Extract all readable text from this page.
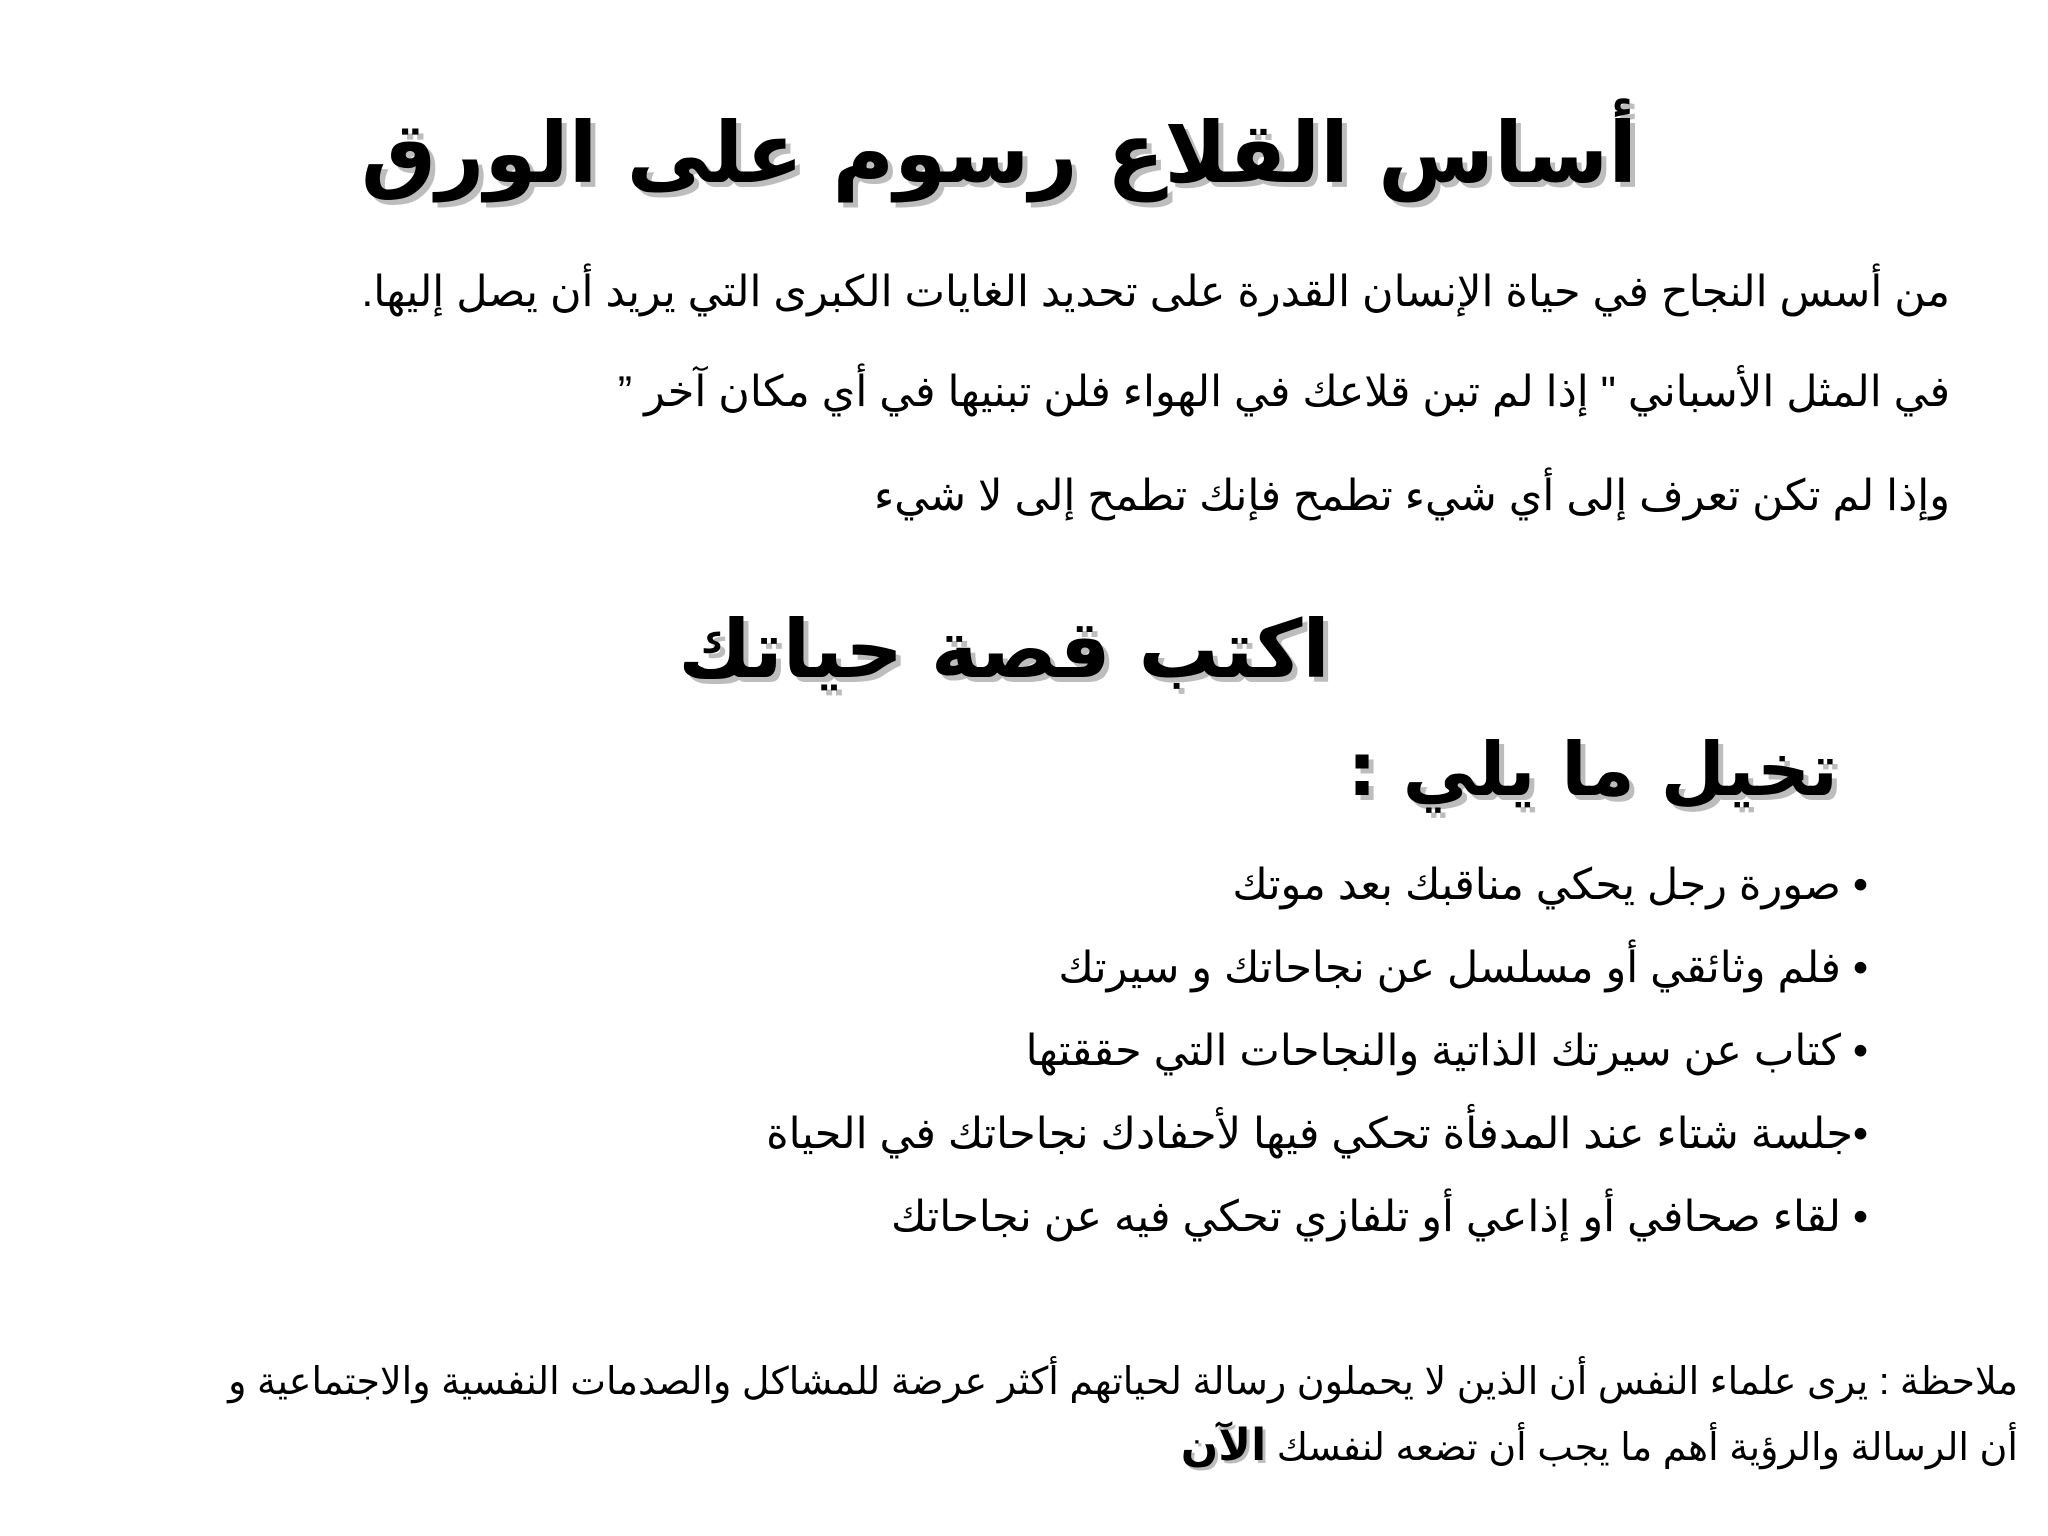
أساس القلاع رسوم على الورق

من أسس النجاح في حياة الإنسان القدرة على تحديد الغايات الكبرى التي يريد أن يصل إليها.

في المثل الأسباني " إذا لم تبن قلاعك في الهواء فلن تبنيها في أي مكان آخر ”

وإذا لم تكن تعرف إلى أي شيء تطمح فإنك تطمح إلى لا شيء

اكتب قصة حياتك
تخيل ما يلي :
•صورة رجل يحكي مناقبك بعد موتك
•فلم وثائقي أو مسلسل عن نجاحاتك و سيرتك
•كتاب عن سيرتك الذاتية والنجاحات التي حققتها
•جلسة شتاء عند المدفأة تحكي فيها لأحفادك نجاحاتك في الحياة
•لقاء صحافي أو إذاعي أو تلفازي تحكي فيه عن نجاحاتك

ملاحظة : يرى علماء النفس أن الذين لا يحملون رسالة لحياتهم أكثر عرضة للمشاكل والصدمات النفسية والاجتماعية و
أن الرسالة والرؤية أهم ما يجب أن تضعه لنفسك الآن
